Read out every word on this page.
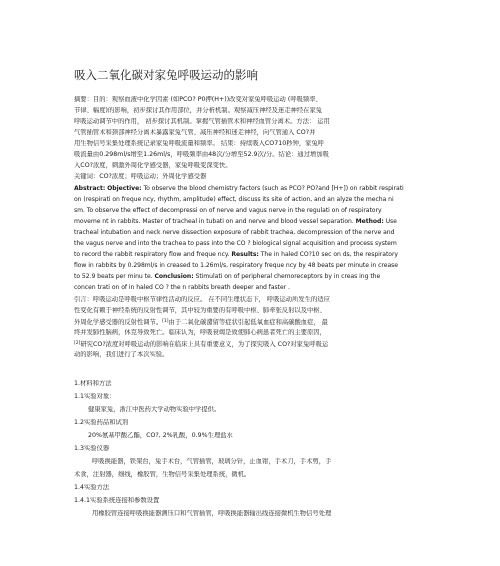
吸入二氧化碳对家兔呼吸运动的影响
摘要：目的：观察血液中化学因素 (如PCO? P0押(H+))改变对家兔呼吸运动 (呼吸频率、
节律、幅度)的影响，初步探讨其作用部位，并分析机制。观察减压神经及迷走神经在家兔
呼吸运动调节中的作用， 初步探讨其机制。掌握气管插管术和神经血管分离术。方法： 运用
气管插管术和颈部神经分离术暴露家兔气管、减压神经和迷走神经，向气管通入 CO?并
用生物信号采集处理系统记录家兔呼吸流量和频率。 结果：持续吸入CO710秒钟，家兔呼
吸流量由0.298ml/s增至1.26ml/s，呼吸频率由48次/分增至52.9次/分。结论：通过增加吸
入CO?浓度，刺激外周化学感受器，家兔呼吸变深变快。
关键词：CO?浓度；呼吸运动；外周化学感受器
Abstract: Objective: To observe the blood chemistry factors (such as PCO? PO?and [H+]) on rabbit respirati
on (respirati on freque ncy, rhythm, amplitude) effect, discuss its site of action, and an alyze the mecha ni
sm. To observe the effect of decompressi on of nerve and vagus nerve in the regulati on of respiratory
moveme nt in rabbits. Master of tracheal in tubati on and nerve and blood vessel separation. Method: Use
tracheal intubation and neck nerve dissection exposure of rabbit trachea, decompression of the nerve and
the vagus nerve and into the trachea to pass into the CO ? biological signal acquisition and process system
to record the rabbit respiratory flow and freque ncy. Results: The in haled CO?10 sec on ds, the respiratory
flow in rabbits by 0.298ml/s in creased to 1.26ml/s, respiratory freque ncy by 48 beats per minute in crease
to 52.9 beats per minu te. Conclusion: Stimulati on of peripheral chemoreceptors by in creas ing the
concen trati on of in haled CO ? the n rabbits breath deeper and faster .
引言：呼吸运动是呼吸中枢节律性活动的反应。 在不同生理状态下， 呼吸运动所发生的适应
性变化有赖于神经系统的反射性调节，其中较为重要的有呼吸中枢、肺牵张反射以及中枢、
外周化学感受器的反射性调节。[1]由于二氧化碳潴留等症状引起低氧血症和高碳酸血症， 最
终并发肺性脑病，休克导致死亡。临床认为，呼吸衰竭是致使肺心病患者死亡的主要原因，
[2]研究CO?浓度对呼吸运动的影响在临床上具有重要意义，为了探究吸入 CO?对家兔呼吸运
动的影响，我们进行了本次实验。
1.材料和方法
1.1实验对象：
健康家兔，浙江中医药大学动物实验中学提供。
1.2实验药品和试剂
20%氨基甲酸乙酯，CO?, 2%乳酸，0.9%生理盐水
1.3实验仪器
呼吸换能器，铁架台，兔手术台，气管插管，玻璃分针，止血钳，手术刀，手术剪，手
术食，注射器，细线，橡胶管，生物信号采集处理系统，微机。
1.4实验方法
1.4.1实验系统连接和参数设置
用橡胶管连接呼吸换能器测压口和气管插管，呼吸换能器输出线连接微机生物信号处理
